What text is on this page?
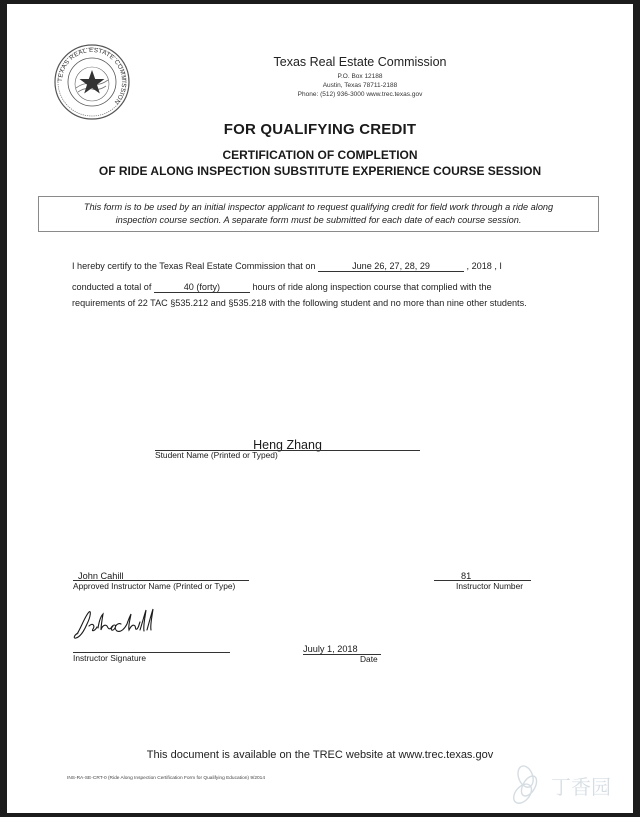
TEXAS REAL ESTATE COMMISSION
Texas Real Estate Commission
P.O. Box 12188
Austin, Texas 78711-2188
Phone: (512) 936-3000 www.trec.texas.gov
FOR QUALIFYING CREDIT
CERTIFICATION OF COMPLETION
OF RIDE ALONG INSPECTION SUBSTITUTE EXPERIENCE COURSE SESSION
This form is to be used by an initial inspector applicant to request qualifying credit for field work through a ride along
inspection course section. A separate form must be submitted for each date of each course session.
I hereby certify to the Texas Real Estate Commission that on	June 26, 27, 28, 29	, 2018 , I
conducted a total of	40 (forty)	hours of ride along inspection course that complied with the
requirements of 22 TAC §535.212 and §535.218 with the following student and no more than nine other students.
Heng Zhang
Student Name (Printed or Typed)
John Cahill
Approved Instructor Name (Printed or Type)
81
Instructor Number
Instructor Signature
Juuly 1, 2018
Date
This document is available on the TREC website at www.trec.texas.gov
INS-RA-SE-CRT-0 (Ride Along Inspection Certification Form for Qualifying Education) 9/2014	丁香园
